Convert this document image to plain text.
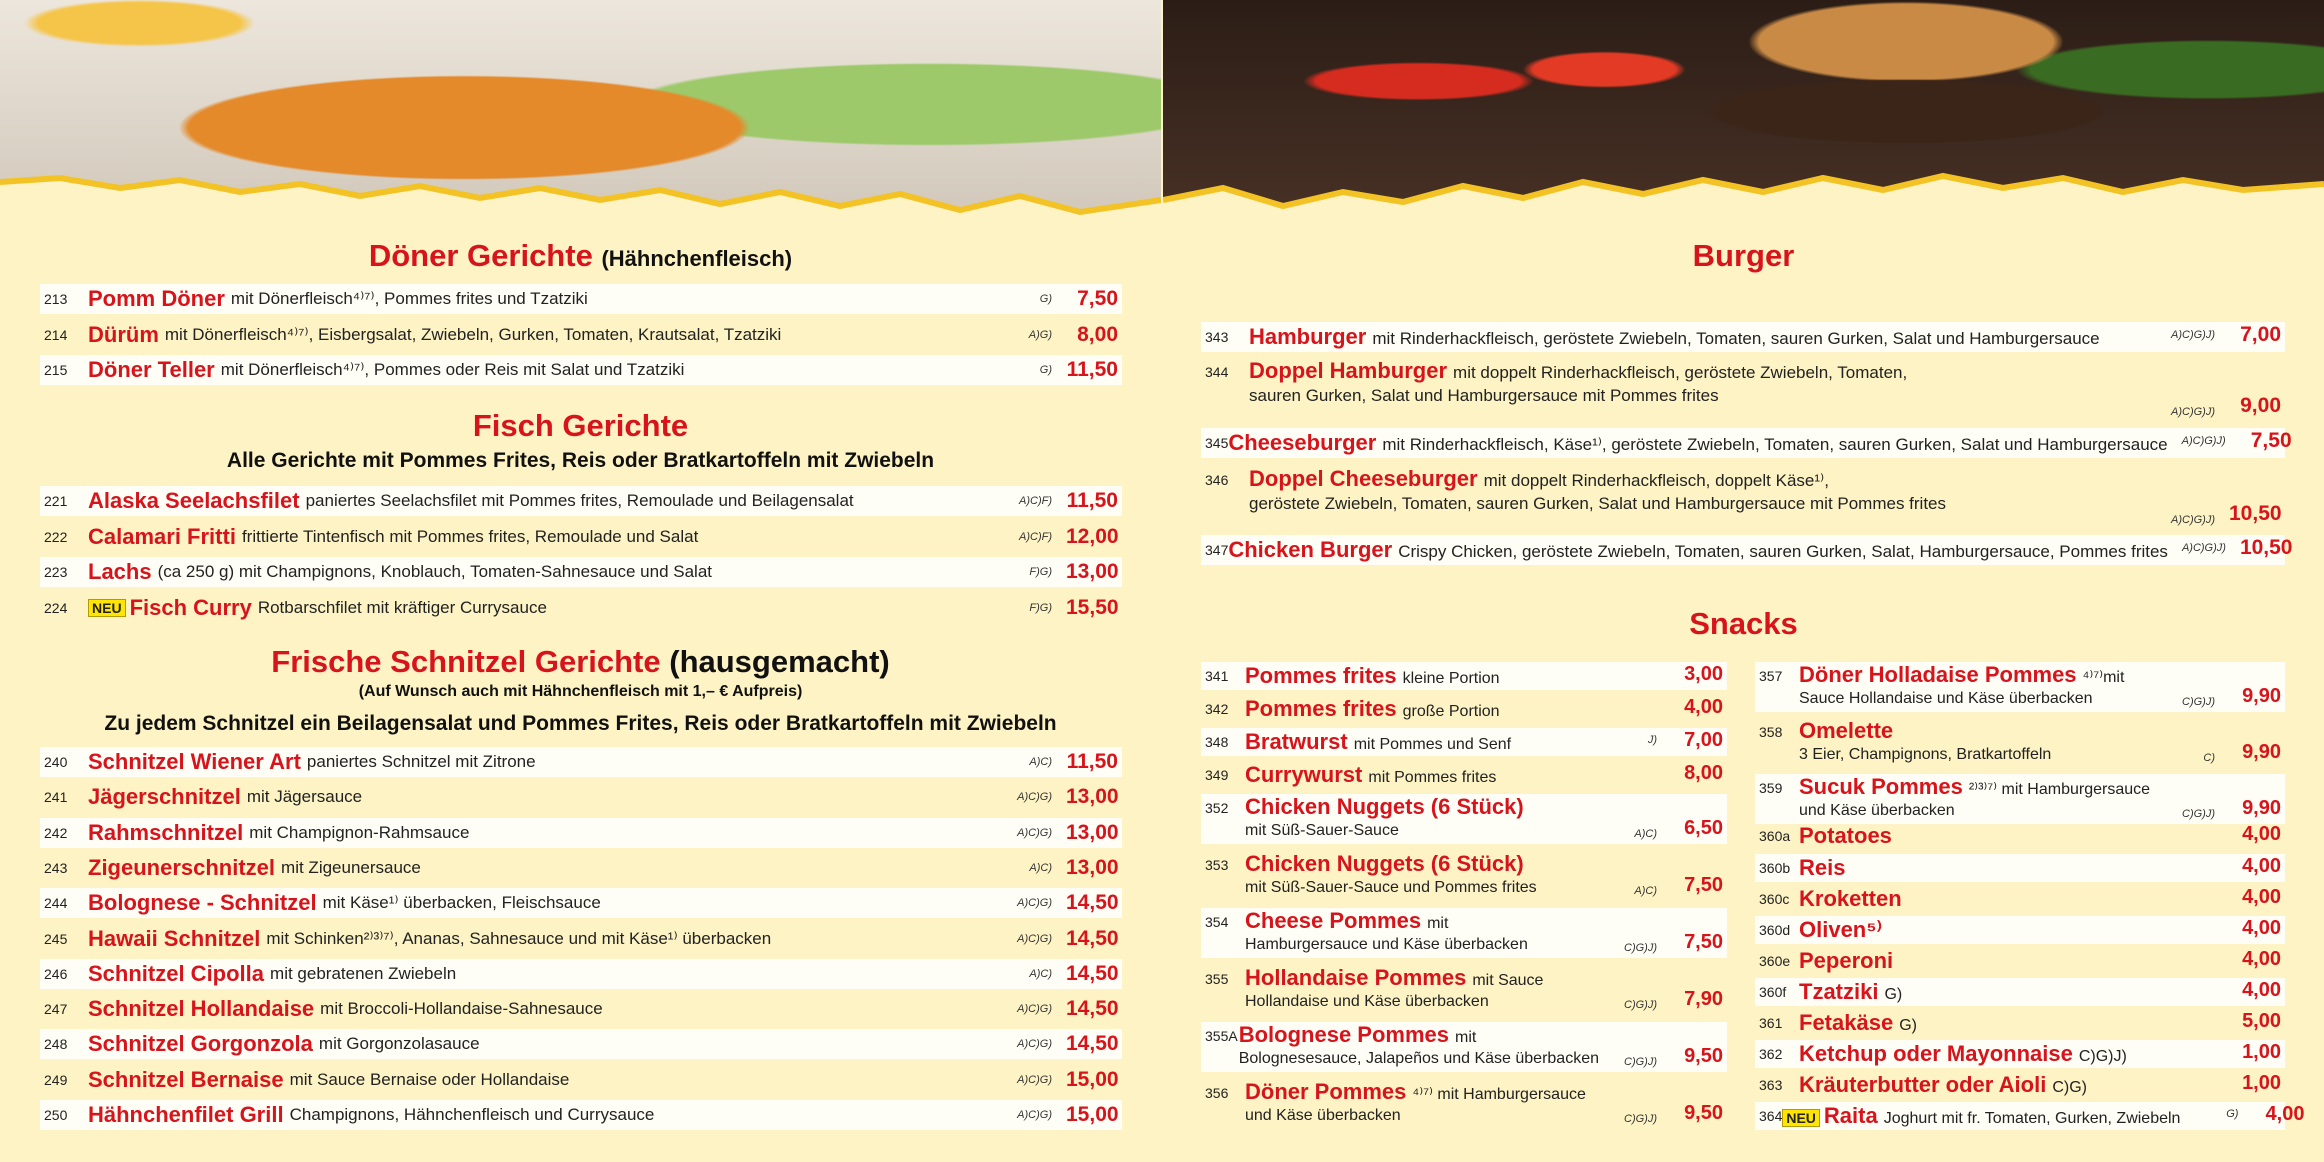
Döner Gerichte (Hähnchenfleisch)
213 Pomm Döner mit Dönerfleisch⁴⁾⁷⁾, Pommes frites und Tzatziki	G)	7,50
214 Dürüm mit Dönerfleisch⁴⁾⁷⁾, Eisbergsalat, Zwiebeln, Gurken, Tomaten, Krautsalat, Tzatziki	A)G)	8,00
215 Döner Teller mit Dönerfleisch⁴⁾⁷⁾, Pommes oder Reis mit Salat und Tzatziki	G) 11,50
Fisch Gerichte
Alle Gerichte mit Pommes Frites, Reis oder Bratkartoffeln mit Zwiebeln
221 Alaska Seelachsfilet paniertes Seelachsfilet mit Pommes frites, Remoulade und Beilagensalat	A)C)F) 11,50
222 Calamari Fritti frittierte Tintenfisch mit Pommes frites, Remoulade und Salat	A)C)F) 12,00
223 Lachs (ca 250 g) mit Champignons, Knoblauch, Tomaten-Sahnesauce und Salat	F)G) 13,00
224	NEU Fisch Curry Rotbarschfilet mit kräftiger Currysauce	F)G) 15,50
Frische Schnitzel Gerichte (hausgemacht)
(Auf Wunsch auch mit Hähnchenfleisch mit 1,– € Aufpreis)
Zu jedem Schnitzel ein Beilagensalat und Pommes Frites, Reis oder Bratkartoffeln mit Zwiebeln
240 Schnitzel Wiener Art paniertes Schnitzel mit Zitrone	A)C) 11,50
241 Jägerschnitzel mit Jägersauce	A)C)G) 13,00
242 Rahmschnitzel mit Champignon-Rahmsauce	A)C)G) 13,00
243 Zigeunerschnitzel mit Zigeunersauce	A)C) 13,00
244 Bolognese - Schnitzel mit Käse¹⁾ überbacken, Fleischsauce	A)C)G) 14,50
245 Hawaii Schnitzel mit Schinken²⁾³⁾⁷⁾, Ananas, Sahnesauce und mit Käse¹⁾ überbacken	A)C)G) 14,50
246 Schnitzel Cipolla mit gebratenen Zwiebeln	A)C) 14,50
247 Schnitzel Hollandaise mit Broccoli-Hollandaise-Sahnesauce	A)C)G) 14,50
248 Schnitzel Gorgonzola mit Gorgonzolasauce	A)C)G) 14,50
249 Schnitzel Bernaise mit Sauce Bernaise oder Hollandaise	A)C)G) 15,00
250 Hähnchenfilet Grill Champignons, Hähnchenfleisch und Currysauce	A)C)G) 15,00
Burger
343 Hamburger mit Rinderhackfleisch, geröstete Zwiebeln, Tomaten, sauren Gurken, Salat und Hamburgersauce	A)C)G)J)	7,00
344 Doppel Hamburger mit doppelt Rinderhackfleisch, geröstete Zwiebeln, Tomaten,
sauren Gurken, Salat und Hamburgersauce mit Pommes frites
A)C)G)J)	9,00
345 Cheeseburger mit Rinderhackfleisch, Käse¹⁾, geröstete Zwiebeln, Tomaten, sauren Gurken, Salat und Hamburgersauce	A)C)G)J)	7,50
346 Doppel Cheeseburger mit doppelt Rinderhackfleisch, doppelt Käse¹⁾,
geröstete Zwiebeln, Tomaten, sauren Gurken, Salat und Hamburgersauce mit Pommes frites
A)C)G)J) 10,50
347 Chicken Burger Crispy Chicken, geröstete Zwiebeln, Tomaten, sauren Gurken, Salat, Hamburgersauce, Pommes frites	A)C)G)J) 10,50
Snacks
341 Pommes frites kleine Portion	3,00
342 Pommes frites große Portion	4,00
348 Bratwurst mit Pommes und Senf	J)	7,00
349 Currywurst mit Pommes frites	8,00
352 Chicken Nuggets (6 Stück)
mit Süß-Sauer-Sauce	A)C)	6,50
353 Chicken Nuggets (6 Stück)
mit Süß-Sauer-Sauce und Pommes frites	A)C)	7,50
354 Cheese Pommes mit
Hamburgersauce und Käse überbacken	C)G)J)	7,50
355 Hollandaise Pommes mit Sauce
Hollandaise und Käse überbacken	C)G)J)	7,90
355A Bolognese Pommes mit
Bolognesesauce, Jalapeños und Käse überbacken	C)G)J)	9,50
356 Döner Pommes ⁴⁾⁷⁾ mit Hamburgersauce
und Käse überbacken	C)G)J)	9,50
357 Döner Holladaise Pommes ⁴⁾⁷⁾mit
Sauce Hollandaise und Käse überbacken	C)G)J)	9,90
358 Omelette
3 Eier, Champignons, Bratkartoffeln	C)	9,90
359 Sucuk Pommes ²⁾³⁾⁷⁾ mit Hamburgersauce
und Käse überbacken	C)G)J)	9,90
360a Potatoes	4,00
360b Reis	4,00
360c Kroketten	4,00
360d Oliven⁵⁾	4,00
360e Peperoni	4,00
360f Tzatziki G)	4,00
361 Fetakäse G)	5,00
362 Ketchup oder Mayonnaise C)G)J)	1,00
363 Kräuterbutter oder Aioli C)G)	1,00
364 NEU Raita Joghurt mit fr. Tomaten, Gurken, Zwiebeln	G)	4,00
